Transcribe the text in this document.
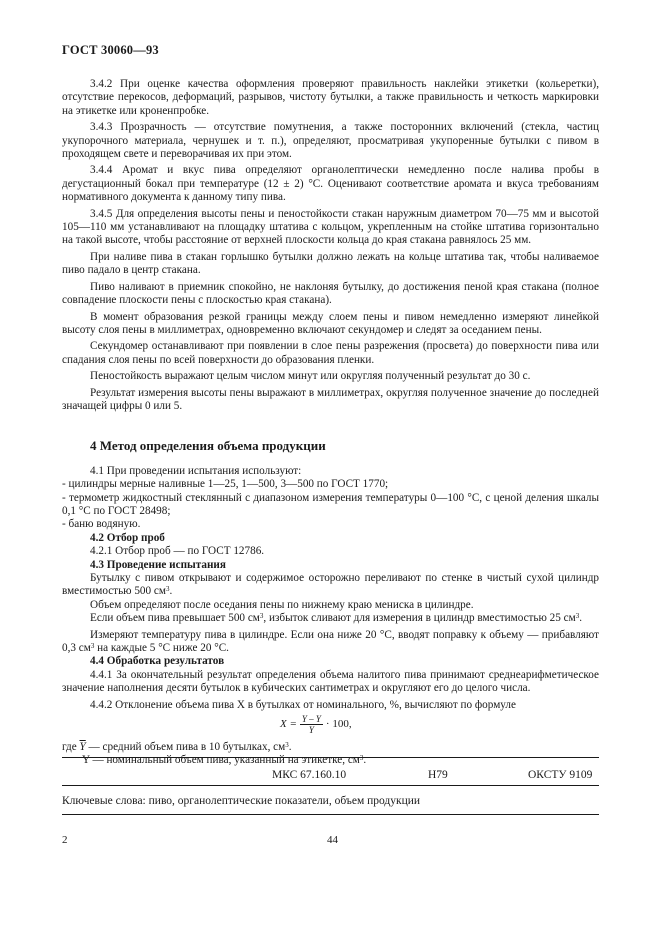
ГОСТ 30060—93

3.4.2 При оценке качества оформления проверяют правильность наклейки этикетки (кольеретки), отсутствие перекосов, деформаций, разрывов, чистоту бутылки, а также правильность и четкость маркировки на этикетке или кроненпробке.

3.4.3 Прозрачность — отсутствие помутнения, а также посторонних включений (стекла, частиц укупорочного материала, чернушек и т. п.), определяют, просматривая укупоренные бутылки с пивом в проходящем свете и переворачивая их при этом.

3.4.4 Аромат и вкус пива определяют органолептически немедленно после налива пробы в дегустационный бокал при температуре (12 ± 2) °С. Оценивают соответствие аромата и вкуса требованиям нормативного документа к данному типу пива.

3.4.5 Для определения высоты пены и пеностойкости стакан наружным диаметром 70—75 мм и высотой 105—110 мм устанавливают на площадку штатива с кольцом, укрепленным на стойке штатива горизонтально на такой высоте, чтобы расстояние от верхней плоскости кольца до края стакана равнялось 25 мм.

При наливе пива в стакан горлышко бутылки должно лежать на кольце штатива так, чтобы наливаемое пиво падало в центр стакана.

Пиво наливают в приемник спокойно, не наклоняя бутылку, до достижения пеной края стакана (полное совпадение плоскости пены с плоскостью края стакана).

В момент образования резкой границы между слоем пены и пивом немедленно измеряют линейкой высоту слоя пены в миллиметрах, одновременно включают секундомер и следят за оседанием пены.

Секундомер останавливают при появлении в слое пены разрежения (просвета) до поверхности пива или спадания слоя пены по всей поверхности до образования пленки.

Пеностойкость выражают целым числом минут или округляя полученный результат до 30 с.

Результат измерения высоты пены выражают в миллиметрах, округляя полученное значение до последней значащей цифры 0 или 5.

4 Метод определения объема продукции

4.1 При проведении испытания используют:

- цилиндры мерные наливные 1—25, 1—500, 3—500 по ГОСТ 1770;

- термометр жидкостный стеклянный с диапазоном измерения температуры 0—100 °С, с ценой деления шкалы 0,1 °С по ГОСТ 28498;

- баню водяную.

4.2 Отбор проб

4.2.1 Отбор проб — по ГОСТ 12786.

4.3 Проведение испытания

Бутылку с пивом открывают и содержимое осторожно переливают по стенке в чистый сухой цилиндр вместимостью 500 $см^3$.

Объем определяют после оседания пены по нижнему краю мениска в цилиндре.

Если объем пива превышает 500 $см^3$, избыток сливают для измерения в цилиндр вместимостью 25 $см^3$.

Измеряют температуру пива в цилиндре. Если она ниже 20 °С, вводят поправку к объему — прибавляют 0,3 $см^3$ на каждые 5 °С ниже 20 °С.

4.4 Обработка результатов

4.4.1 За окончательный результат определения объема налитого пива принимают среднеарифметическое значение наполнения десяти бутылок в кубических сантиметрах и округляют его до целого числа.

4.4.2 Отклонение объема пива X в бутылках от номинального, %, вычисляют по формуле

$X = \frac{Y - Y}{Y} \cdot 100$,

где $\overline{Y}$ — средний объем пива в 10 бутылках, $см^3$.

Y — номинальный объем пива, указанный на этикетке, $см^3$.

МКС 67.160.10	Н79	ОКСТУ 9109
Ключевые слова: пиво, органолептические показатели, объем продукции
2	44
